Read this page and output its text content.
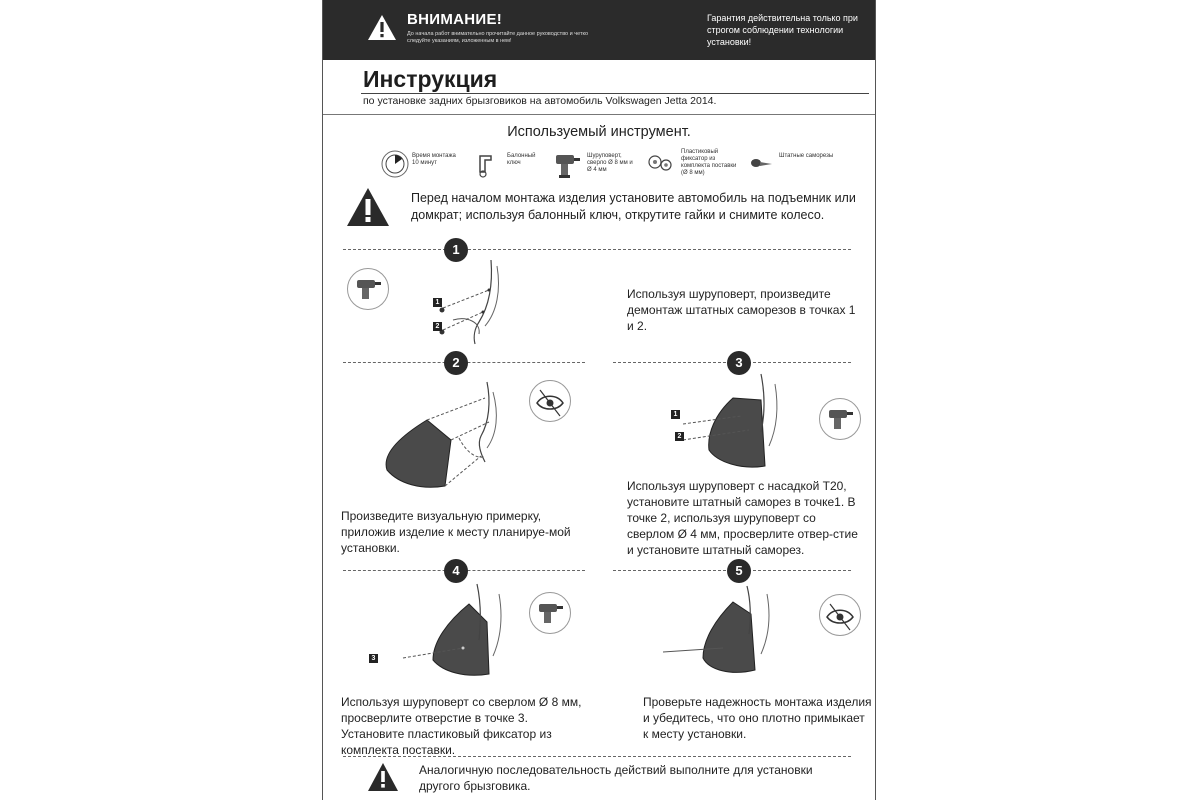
ВНИМАНИЕ!
До начала работ внимательно прочитайте данное руководство и четко следуйте указаниям, изложенным в нем!
Гарантия действительна только при строгом соблюдении технологии установки!
Инструкция
по установке задних брызговиков на автомобиль Volkswagen Jetta 2014.
Используемый инструмент.
Время монтажа 10 минут
Балонный ключ
Шуруповерт, сверло Ø 8 мм и Ø 4 мм
Пластиковый фиксатор из комплекта поставки (Ø 8 мм)
Штатные саморезы
Перед началом монтажа изделия установите автомобиль на подъемник или домкрат; используя балонный ключ, открутите гайки и снимите колесо.
1
1
2
Используя шуруповерт, произведите демонтаж штатных саморезов в точках 1 и 2.
2	3
Произведите визуальную примерку, приложив изделие к месту планируе-мой установки.
1
2
Используя шуруповерт с насадкой Т20, установите штатный саморез в точке1. В точке 2, используя шуруповерт со сверлом Ø 4 мм, просверлите отвер-стие и установите штатный саморез.
4	5
3
Используя шуруповерт со сверлом Ø 8 мм, просверлите отверстие в точке 3. Установите пластиковый фиксатор из комплекта поставки.
Проверьте надежность монтажа изделия и убедитесь, что оно плотно примыкает к месту установки.
Аналогичную последовательность действий выполните для установки другого брызговика.
